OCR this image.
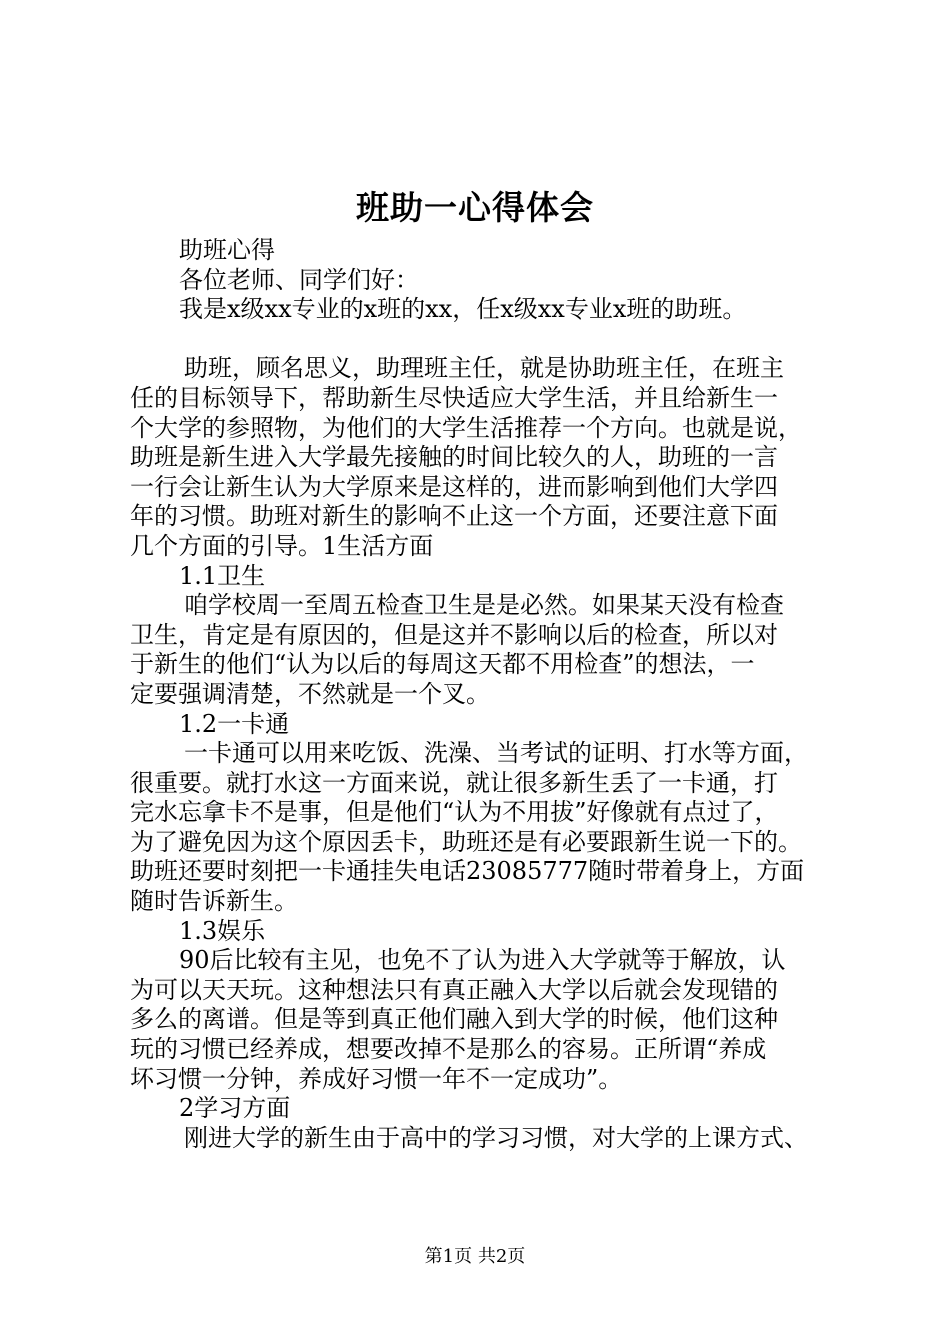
班助一心得体会

助班心得

各位老师、同学们好：

我是x级xx专业的x班的xx，任x级xx专业x班的助班。

助班，顾名思义，助理班主任，就是协助班主任，在班主

任的目标领导下，帮助新生尽快适应大学生活，并且给新生一

个大学的参照物，为他们的大学生活推荐一个方向。也就是说，

助班是新生进入大学最先接触的时间比较久的人，助班的一言

一行会让新生认为大学原来是这样的，进而影响到他们大学四

年的习惯。助班对新生的影响不止这一个方面，还要注意下面

几个方面的引导。1生活方面

1.1卫生

咱学校周一至周五检查卫生是是必然。如果某天没有检查

卫生，肯定是有原因的，但是这并不影响以后的检查，所以对

于新生的他们“认为以后的每周这天都不用检查”的想法，一

定要强调清楚，不然就是一个叉。

1.2一卡通

一卡通可以用来吃饭、洗澡、当考试的证明、打水等方面，

很重要。就打水这一方面来说，就让很多新生丢了一卡通，打

完水忘拿卡不是事，但是他们“认为不用拔”好像就有点过了，

为了避免因为这个原因丢卡，助班还是有必要跟新生说一下的。

助班还要时刻把一卡通挂失电话23085777随时带着身上，方面

随时告诉新生。

1.3娱乐

90后比较有主见，也免不了认为进入大学就等于解放，认

为可以天天玩。这种想法只有真正融入大学以后就会发现错的

多么的离谱。但是等到真正他们融入到大学的时候，他们这种

玩的习惯已经养成，想要改掉不是那么的容易。正所谓“养成

坏习惯一分钟，养成好习惯一年不一定成功”。

2学习方面

刚进大学的新生由于高中的学习习惯，对大学的上课方式、

第1页 共2页
